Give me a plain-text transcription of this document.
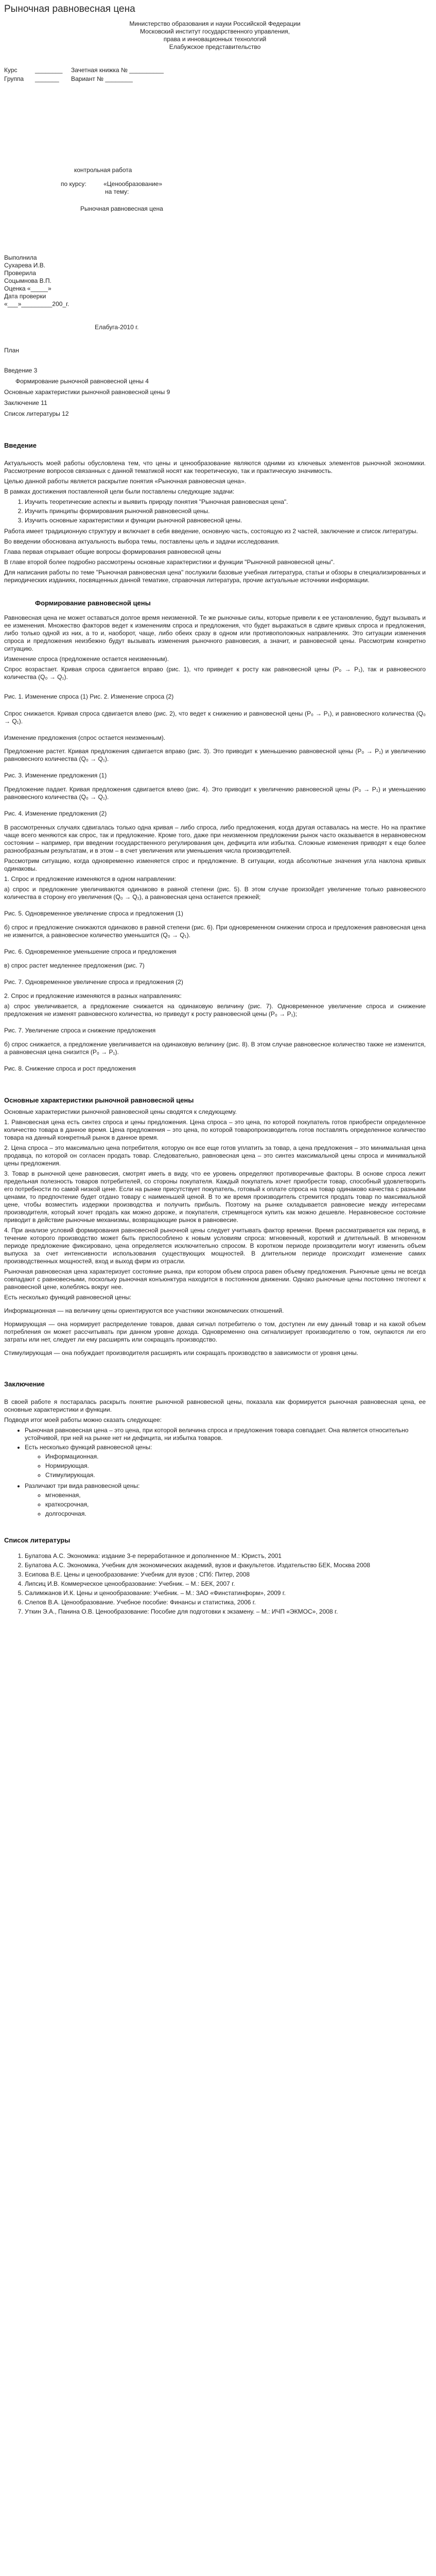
Рыночная равновесная цена
Министерство образования и науки Российской Федерации
Московский институт государственного управления,
права и инновационных технологий
Елабужское представительство
Курс	________	Зачетная книжка № __________
Группа	_______	Вариант № ________
контрольная работа
по курсу:	«Ценообразование»
на тему:
Рыночная равновесная цена
Выполнила
Сухарева И.В.
Проверила
Соцымнова В.П.
Оценка «_____»
Дата проверки
«___»_________200_г.
Елабуга-2010 г.

План

Введение 3

Формирование рыночной равновесной цены 4

Основные характеристики рыночной равновесной цены 9

Заключение 11

Список литературы 12

Введение

Актуальность моей работы обусловлена тем, что цены и ценообразование являются одними из ключевых элементов рыночной экономики. Рассмотрение вопросов связанных с данной тематикой носят как теоретическую, так и практическую значимость.

Целью данной работы является раскрытие понятия «Рыночная равновесная цена».

В рамках достижения поставленной цели были поставлены следующие задачи:

1. Изучить теоретические аспекты и выявить природу понятия "Рыночная равновесная цена".
2. Изучить принципы формирования рыночной равновесной цены.
3. Изучить основные характеристики и функции рыночной равновесной цены.

Работа имеет традиционную структуру и включает в себя введение, основную часть, состоящую из 2 частей, заключение и список литературы.

Во введении обоснована актуальность выбора темы, поставлены цель и задачи исследования.

Глава первая открывает общие вопросы формирования равновесной цены

В главе второй более подробно рассмотрены основные характеристики и функции "Рыночной равновесной цены".

Для написания работы по теме "Рыночная равновесная цена" послужили базовые учебная литература, статьи и обзоры в специализированных и периодических изданиях, посвященных данной тематике, справочная литература, прочие актуальные источники информации.

Формирование равновесной цены

Равновесная цена не может оставаться долгое время неизменной. Те же рыночные силы, которые привели к ее установлению, будут вызывать и ее изменения. Множество факторов ведет к изменениям спроса и предложения, что будет выражаться в сдвиге кривых спроса и предложения, либо только одной из них, а то и, наоборот, чаще, либо обеих сразу в одном или противоположных направлениях. Это ситуации изменения спроса и предложения неизбежно будут вызывать изменения рыночного равновесия, а значит, и равновесной цены. Рассмотрим конкретно ситуацию.

Изменение спроса (предложение остается неизменным).

Спрос возрастает. Кривая спроса сдвигается вправо (рис. 1), что приведет к росту как равновесной цены (P₀ → P₁), так и равновесного количества (Q₀ → Q₁).

Рис. 1. Изменение спроса (1) Рис. 2. Изменение спроса (2)

Спрос снижается. Кривая спроса сдвигается влево (рис. 2), что ведет к снижению и равновесной цены (P₀ → P₁), и равновесного количества (Q₀ → Q₁).

Изменение предложения (спрос остается неизменным).

Предложение растет. Кривая предложения сдвигается вправо (рис. 3). Это приводит к уменьшению равновесной цены (P₀ → P₁) и увеличению равновесного количества (Q₀ → Q₁).

Рис. 3. Изменение предложения (1)

Предложение падает. Кривая предложения сдвигается влево (рис. 4). Это приводит к увеличению равновесной цены (P₀ → P₁) и уменьшению равновесного количества (Q₀ → Q₁).

Рис. 4. Изменение предложения (2)

В рассмотренных случаях сдвигалась только одна кривая – либо спроса, либо предложения, когда другая оставалась на месте. Но на практике чаще всего меняются как спрос, так и предложение. Кроме того, даже при неизменном предложении рынок часто оказывается в неравновесном состоянии – например, при введении государственного регулирования цен, дефицита или избытка. Сложные изменения приводят к еще более разнообразным результатам, и в этом – в счет увеличения или уменьшения числа производителей.

Рассмотрим ситуацию, когда одновременно изменяется спрос и предложение. В ситуации, когда абсолютные значения угла наклона кривых одинаковы.

1. Спрос и предложение изменяются в одном направлении:

а) спрос и предложение увеличиваются одинаково в равной степени (рис. 5). В этом случае произойдет увеличение только равновесного количества в сторону его увеличения (Q₀ → Q₁), а равновесная цена останется прежней;

Рис. 5. Одновременное увеличение спроса и предложения (1)

б) спрос и предложение снижаются одинаково в равной степени (рис. 6). При одновременном снижении спроса и предложения равновесная цена не изменится, а равновесное количество уменьшится (Q₀ → Q₁).

Рис. 6. Одновременное уменьшение спроса и предложения

в) спрос растет медленнее предложения (рис. 7)

Рис. 7. Одновременное увеличение спроса и предложения (2)

2. Спрос и предложение изменяются в разных направлениях:

а) спрос увеличивается, а предложение снижается на одинаковую величину (рис. 7). Одновременное увеличение спроса и снижение предложения не изменят равновесного количества, но приведут к росту равновесной цены (P₀ → P₁);

Рис. 7. Увеличение спроса и снижение предложения

б) спрос снижается, а предложение увеличивается на одинаковую величину (рис. 8). В этом случае равновесное количество также не изменится, а равновесная цена снизится (P₀ → P₁).

Рис. 8. Снижение спроса и рост предложения

Основные характеристики рыночной равновесной цены

Основные характеристики рыночной равновесной цены сводятся к следующему.

1. Равновесная цена есть синтез спроса и цены предложения. Цена спроса – это цена, по которой покупатель готов приобрести определенное количество товара в данное время. Цена предложения – это цена, по которой товаропроизводитель готов поставлять определенное количество товара на данный конкретный рынок в данное время.

2. Цена спроса – это максимально цена потребителя, которую он все еще готов уплатить за товар, а цена предложения – это минимальная цена продавца, по которой он согласен продать товар. Следовательно, равновесная цена – это синтез максимальной цены спроса и минимальной цены предложения.

3. Товар в рыночной цене равновесия, смотрят иметь в виду, что ее уровень определяют противоречивые факторы. В основе спроса лежит предельная полезность товаров потребителей, со стороны покупателя. Каждый покупатель хочет приобрести товар, способный удовлетворить его потребности по самой низкой цене. Если на рынке присутствует покупатель, готовый к оплате спроса на товар одинаково качества с разными ценами, то предпочтение будет отдано товару с наименьшей ценой. В то же время производитель стремится продать товар по максимальной цене, чтобы возместить издержки производства и получить прибыль. Поэтому на рынке складывается равновесие между интересами производителя, который хочет продать как можно дороже, и покупателя, стремящегося купить как можно дешевле. Неравновесное состояние приводит в действие рыночные механизмы, возвращающие рынок в равновесие.

4. При анализе условий формирования равновесной рыночной цены следует учитывать фактор времени. Время рассматривается как период, в течение которого производство может быть приспособлено к новым условиям спроса: мгновенный, короткий и длительный. В мгновенном периоде предложение фиксировано, цена определяется исключительно спросом. В коротком периоде производители могут изменить объем выпуска за счет интенсивности использования существующих мощностей. В длительном периоде происходит изменение самих производственных мощностей, вход и выход фирм из отрасли.

Рыночная равновесная цена характеризует состояние рынка, при котором объем спроса равен объему предложения. Рыночные цены не всегда совпадают с равновесными, поскольку рыночная конъюнктура находится в постоянном движении. Однако рыночные цены постоянно тяготеют к равновесной цене, колеблясь вокруг нее.

Есть несколько функций равновесной цены:

Информационная — на величину цены ориентируются все участники экономических отношений.

Нормирующая — она нормирует распределение товаров, давая сигнал потребителю о том, доступен ли ему данный товар и на какой объем потребления он может рассчитывать при данном уровне дохода. Одновременно она сигнализирует производителю о том, окупаются ли его затраты или нет, следует ли ему расширять или сокращать производство.

Стимулирующая — она побуждает производителя расширять или сокращать производство в зависимости от уровня цены.

Заключение

В своей работе я постаралась раскрыть понятие рыночной равновесной цены, показала как формируется рыночная равновесная цена, ее основные характеристики и функции.

Подводя итог моей работы можно сказать следующее:

• Рыночная равновесная цена – это цена, при которой величина спроса и предложения товара совпадает. Она является относительно устойчивой, при ней на рынке нет ни дефицита, ни избытка товаров.
• Есть несколько функций равновесной цены:
◦ Информационная.
◦ Нормирующая.
◦ Стимулирующая.
• Различают три вида равновесной цены:
◦ мгновенная,
◦ краткосрочная,
◦ долгосрочная.
Список литературы
1. Булатова А.С. Экономика: издание 3-е переработанное и дополненное М.: Юристъ, 2001
2. Булатова А.С. Экономика, Учебник для экономических академий, вузов и факультетов. Издательство БЕК, Москва 2008
3. Есипова В.Е. Цены и ценообразование: Учебник для вузов ; СПб: Питер, 2008
4. Липсиц И.В. Коммерческое ценообразование: Учебник. – М.: БЕК, 2007 г.
5. Салимжанов И.К. Цены и ценообразование: Учебник. – М.: ЗАО «Финстатинформ», 2009 г.
6. Слепов В.А. Ценообразование. Учебное пособие: Финансы и статистика, 2006 г.
7. Уткин Э.А., Панина О.В. Ценообразование: Пособие для подготовки к экзамену. – М.: ИЧП «ЭКМОС», 2008 г.
